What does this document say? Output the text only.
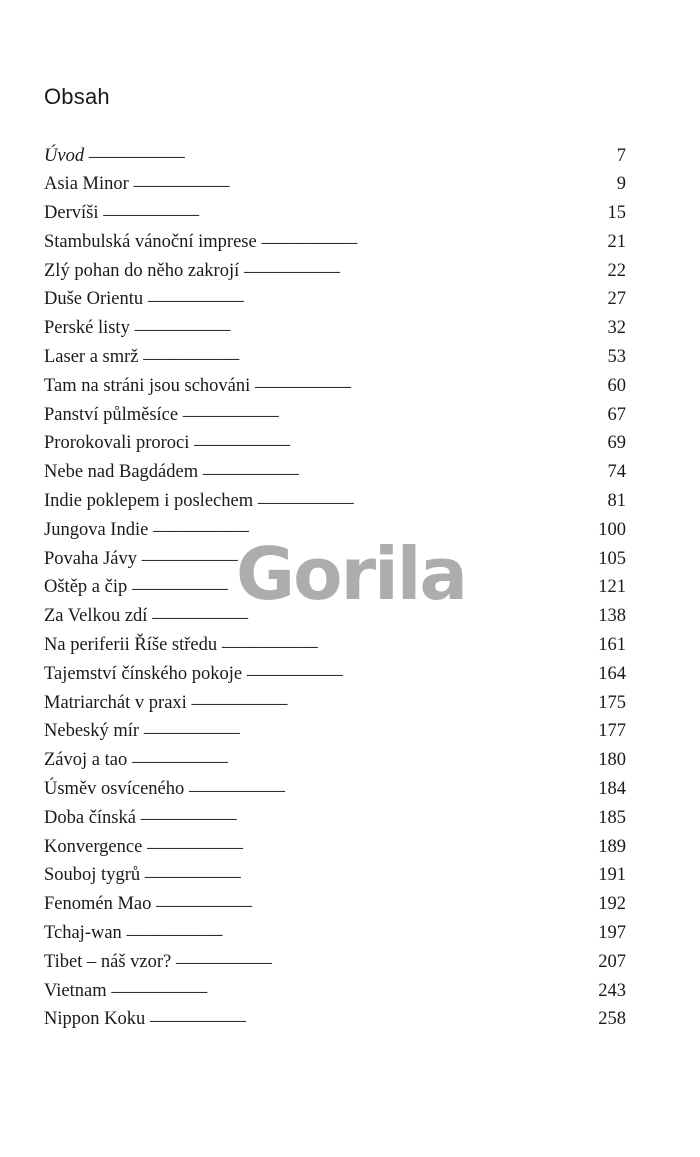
Obsah
Úvod . . .	7
Asia Minor . . .	9
Dervíši . . .	15
Stambulská vánoční imprese . . .	21
Zlý pohan do něho zakrojí . . .	22
Duše Orientu . . .	27
Perské listy . . .	32
Laser a smrž . . .	53
Tam na stráni jsou schováni . . .	60
Panství půlměsíce . . .	67
Prorokovali proroci . . .	69
Nebe nad Bagdádem . . .	74
Indie poklepem i poslechem . . .	81
Jungova Indie . . .	100
Povaha Jávy . . .	105
Oštěp a čip . . .	121
Za Velkou zdí . . .	138
Na periferii Říše středu . . .	161
Tajemství čínského pokoje . . .	164
Matriarchát v praxi . . .	175
Nebeský mír . . .	177
Závoj a tao . . .	180
Úsměv osvíceného . . .	184
Doba čínská . . .	185
Konvergence . . .	189
Souboj tygrů . . .	191
Fenomén Mao . . .	192
Tchaj-wan . . .	197
Tibet – náš vzor? . . .	207
Vietnam . . .	243
Nippon Koku . . .	258
Gorila
